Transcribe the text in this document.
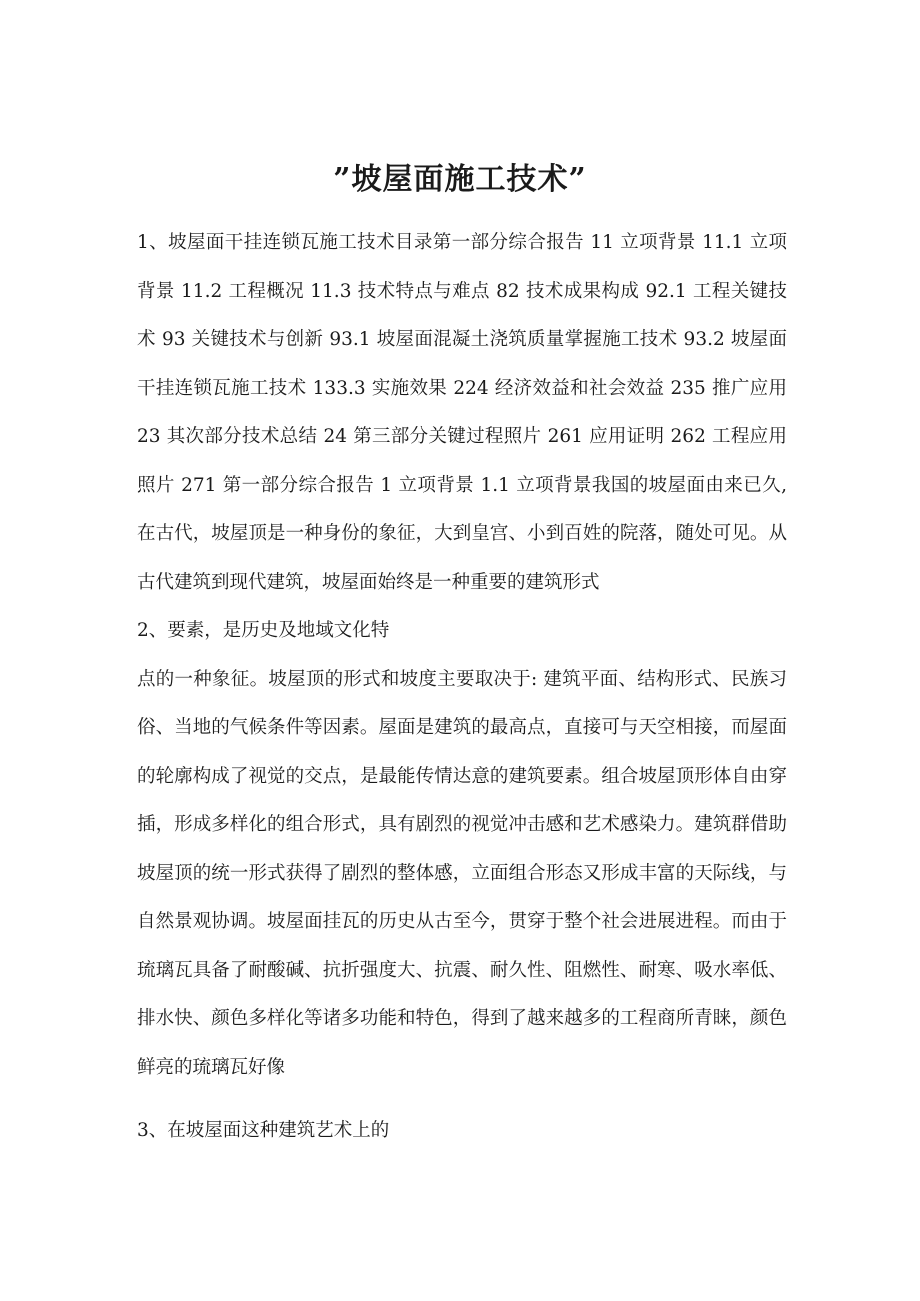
”坡屋面施工技术”
1、坡屋面干挂连锁瓦施工技术目录第一部分综合报告 11 立项背景 11.1 立项背景 11.2 工程概况 11.3 技术特点与难点 82 技术成果构成 92.1 工程关键技术 93 关键技术与创新 93.1 坡屋面混凝土浇筑质量掌握施工技术 93.2 坡屋面干挂连锁瓦施工技术 133.3 实施效果 224 经济效益和社会效益 235 推广应用 23 其次部分技术总结 24 第三部分关键过程照片 261 应用证明 262 工程应用照片 271 第一部分综合报告 1 立项背景 1.1 立项背景我国的坡屋面由来已久, 在古代，坡屋顶是一种身份的象征，大到皇宫、小到百姓的院落，随处可见。从古代建筑到现代建筑，坡屋面始终是一种重要的建筑形式
2、要素，是历史及地域文化特
点的一种象征。坡屋顶的形式和坡度主要取决于: 建筑平面、结构形式、民族习俗、当地的气候条件等因素。屋面是建筑的最高点，直接可与天空相接，而屋面的轮廓构成了视觉的交点，是最能传情达意的建筑要素。组合坡屋顶形体自由穿插，形成多样化的组合形式，具有剧烈的视觉冲击感和艺术感染力。建筑群借助坡屋顶的统一形式获得了剧烈的整体感，立面组合形态又形成丰富的天际线，与自然景观协调。坡屋面挂瓦的历史从古至今，贯穿于整个社会进展进程。而由于琉璃瓦具备了耐酸碱、抗折强度大、抗震、耐久性、阻燃性、耐寒、吸水率低、排水快、颜色多样化等诸多功能和特色，得到了越来越多的工程商所青睐，颜色鲜亮的琉璃瓦好像
3、在坡屋面这种建筑艺术上的
